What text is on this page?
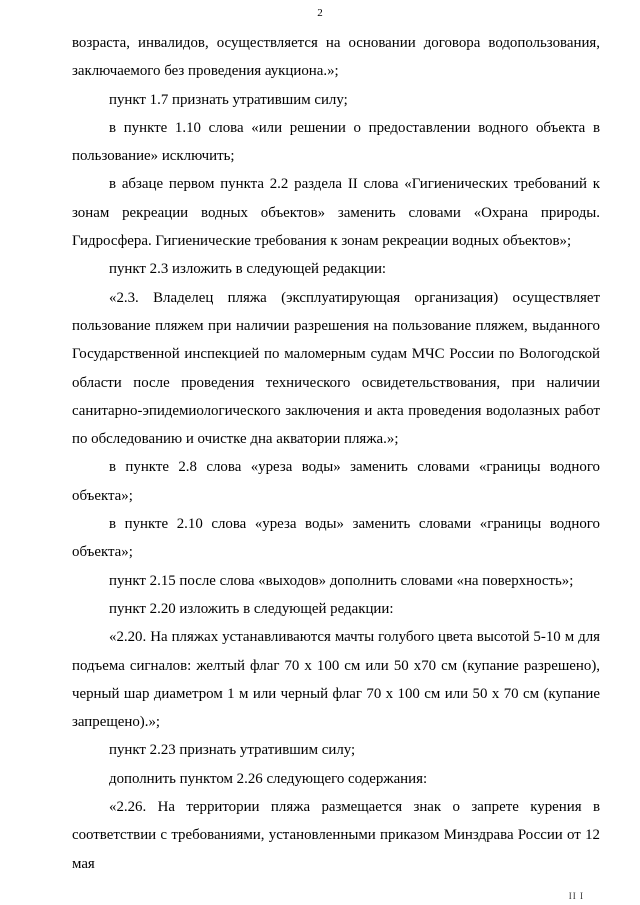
2

возраста, инвалидов, осуществляется на основании договора водопользования, заключаемого без проведения аукциона.»;

пункт 1.7 признать утратившим силу;

в пункте 1.10 слова «или решении о предоставлении водного объекта в пользование» исключить;

в абзаце первом пункта 2.2 раздела II слова «Гигиенических требований к зонам рекреации водных объектов» заменить словами «Охрана природы. Гидросфера. Гигиенические требования к зонам рекреации водных объектов»;

пункт 2.3 изложить в следующей редакции:

«2.3. Владелец пляжа (эксплуатирующая организация) осуществляет пользование пляжем при наличии разрешения на пользование пляжем, выданного Государственной инспекцией по маломерным судам МЧС России по Вологодской области после проведения технического освидетельствования, при наличии санитарно-эпидемиологического заключения и акта проведения водолазных работ по обследованию и очистке дна акватории пляжа.»;

в пункте 2.8 слова «уреза воды» заменить словами «границы водного объекта»;

в пункте 2.10 слова «уреза воды» заменить словами «границы водного объекта»;

пункт 2.15 после слова «выходов» дополнить словами «на поверхность»;

пункт 2.20 изложить в следующей редакции:

«2.20. На пляжах устанавливаются мачты голубого цвета высотой 5-10 м для подъема сигналов: желтый флаг 70 х 100 см или 50 х70 см (купание разрешено), черный шар диаметром 1 м или черный флаг 70 х 100 см или 50 х 70 см (купание запрещено).»;

пункт 2.23 признать утратившим силу;

дополнить пунктом 2.26 следующего содержания:

«2.26. На территории пляжа размещается знак о запрете курения в соответствии с требованиями, установленными приказом Минздрава России от 12 мая

II I
